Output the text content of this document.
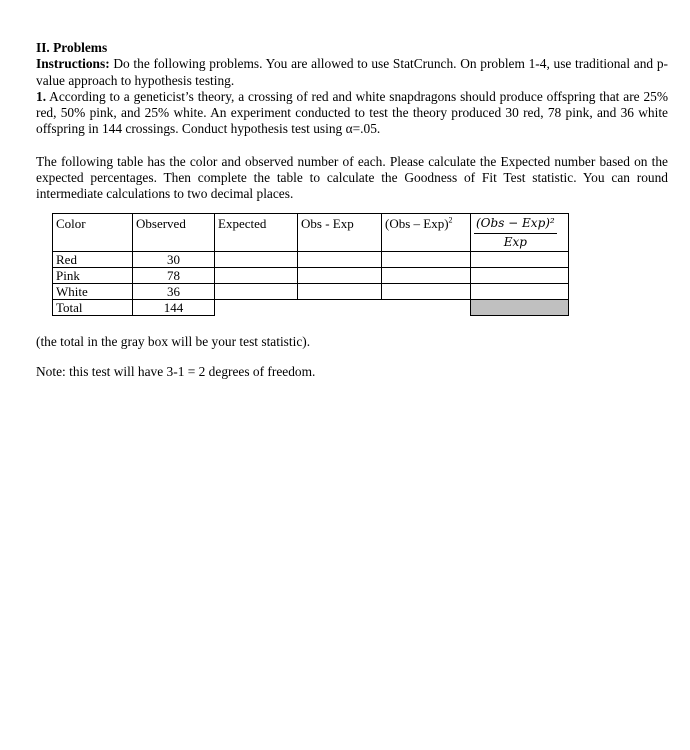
II. Problems

Instructions: Do the following problems. You are allowed to use StatCrunch. On problem 1-4, use traditional and p-value approach to hypothesis testing.

1. According to a geneticist’s theory, a crossing of red and white snapdragons should produce offspring that are 25% red, 50% pink, and 25% white. An experiment conducted to test the theory produced 30 red, 78 pink, and 36 white offspring in 144 crossings. Conduct hypothesis test using α=.05.

The following table has the color and observed number of each. Please calculate the Expected number based on the expected percentages. Then complete the table to calculate the Goodness of Fit Test statistic. You can round intermediate calculations to two decimal places.

Color	Observed	Expected	Obs - Exp	(Obs – Exp)$^2$	$\frac{\text{(Obs − Exp)²}}{\text{Exp}}$

Red	30				
Pink	78				
White	36				
Total	144				

(the total in the gray box will be your test statistic).

Note: this test will have 3-1 = 2 degrees of freedom.
